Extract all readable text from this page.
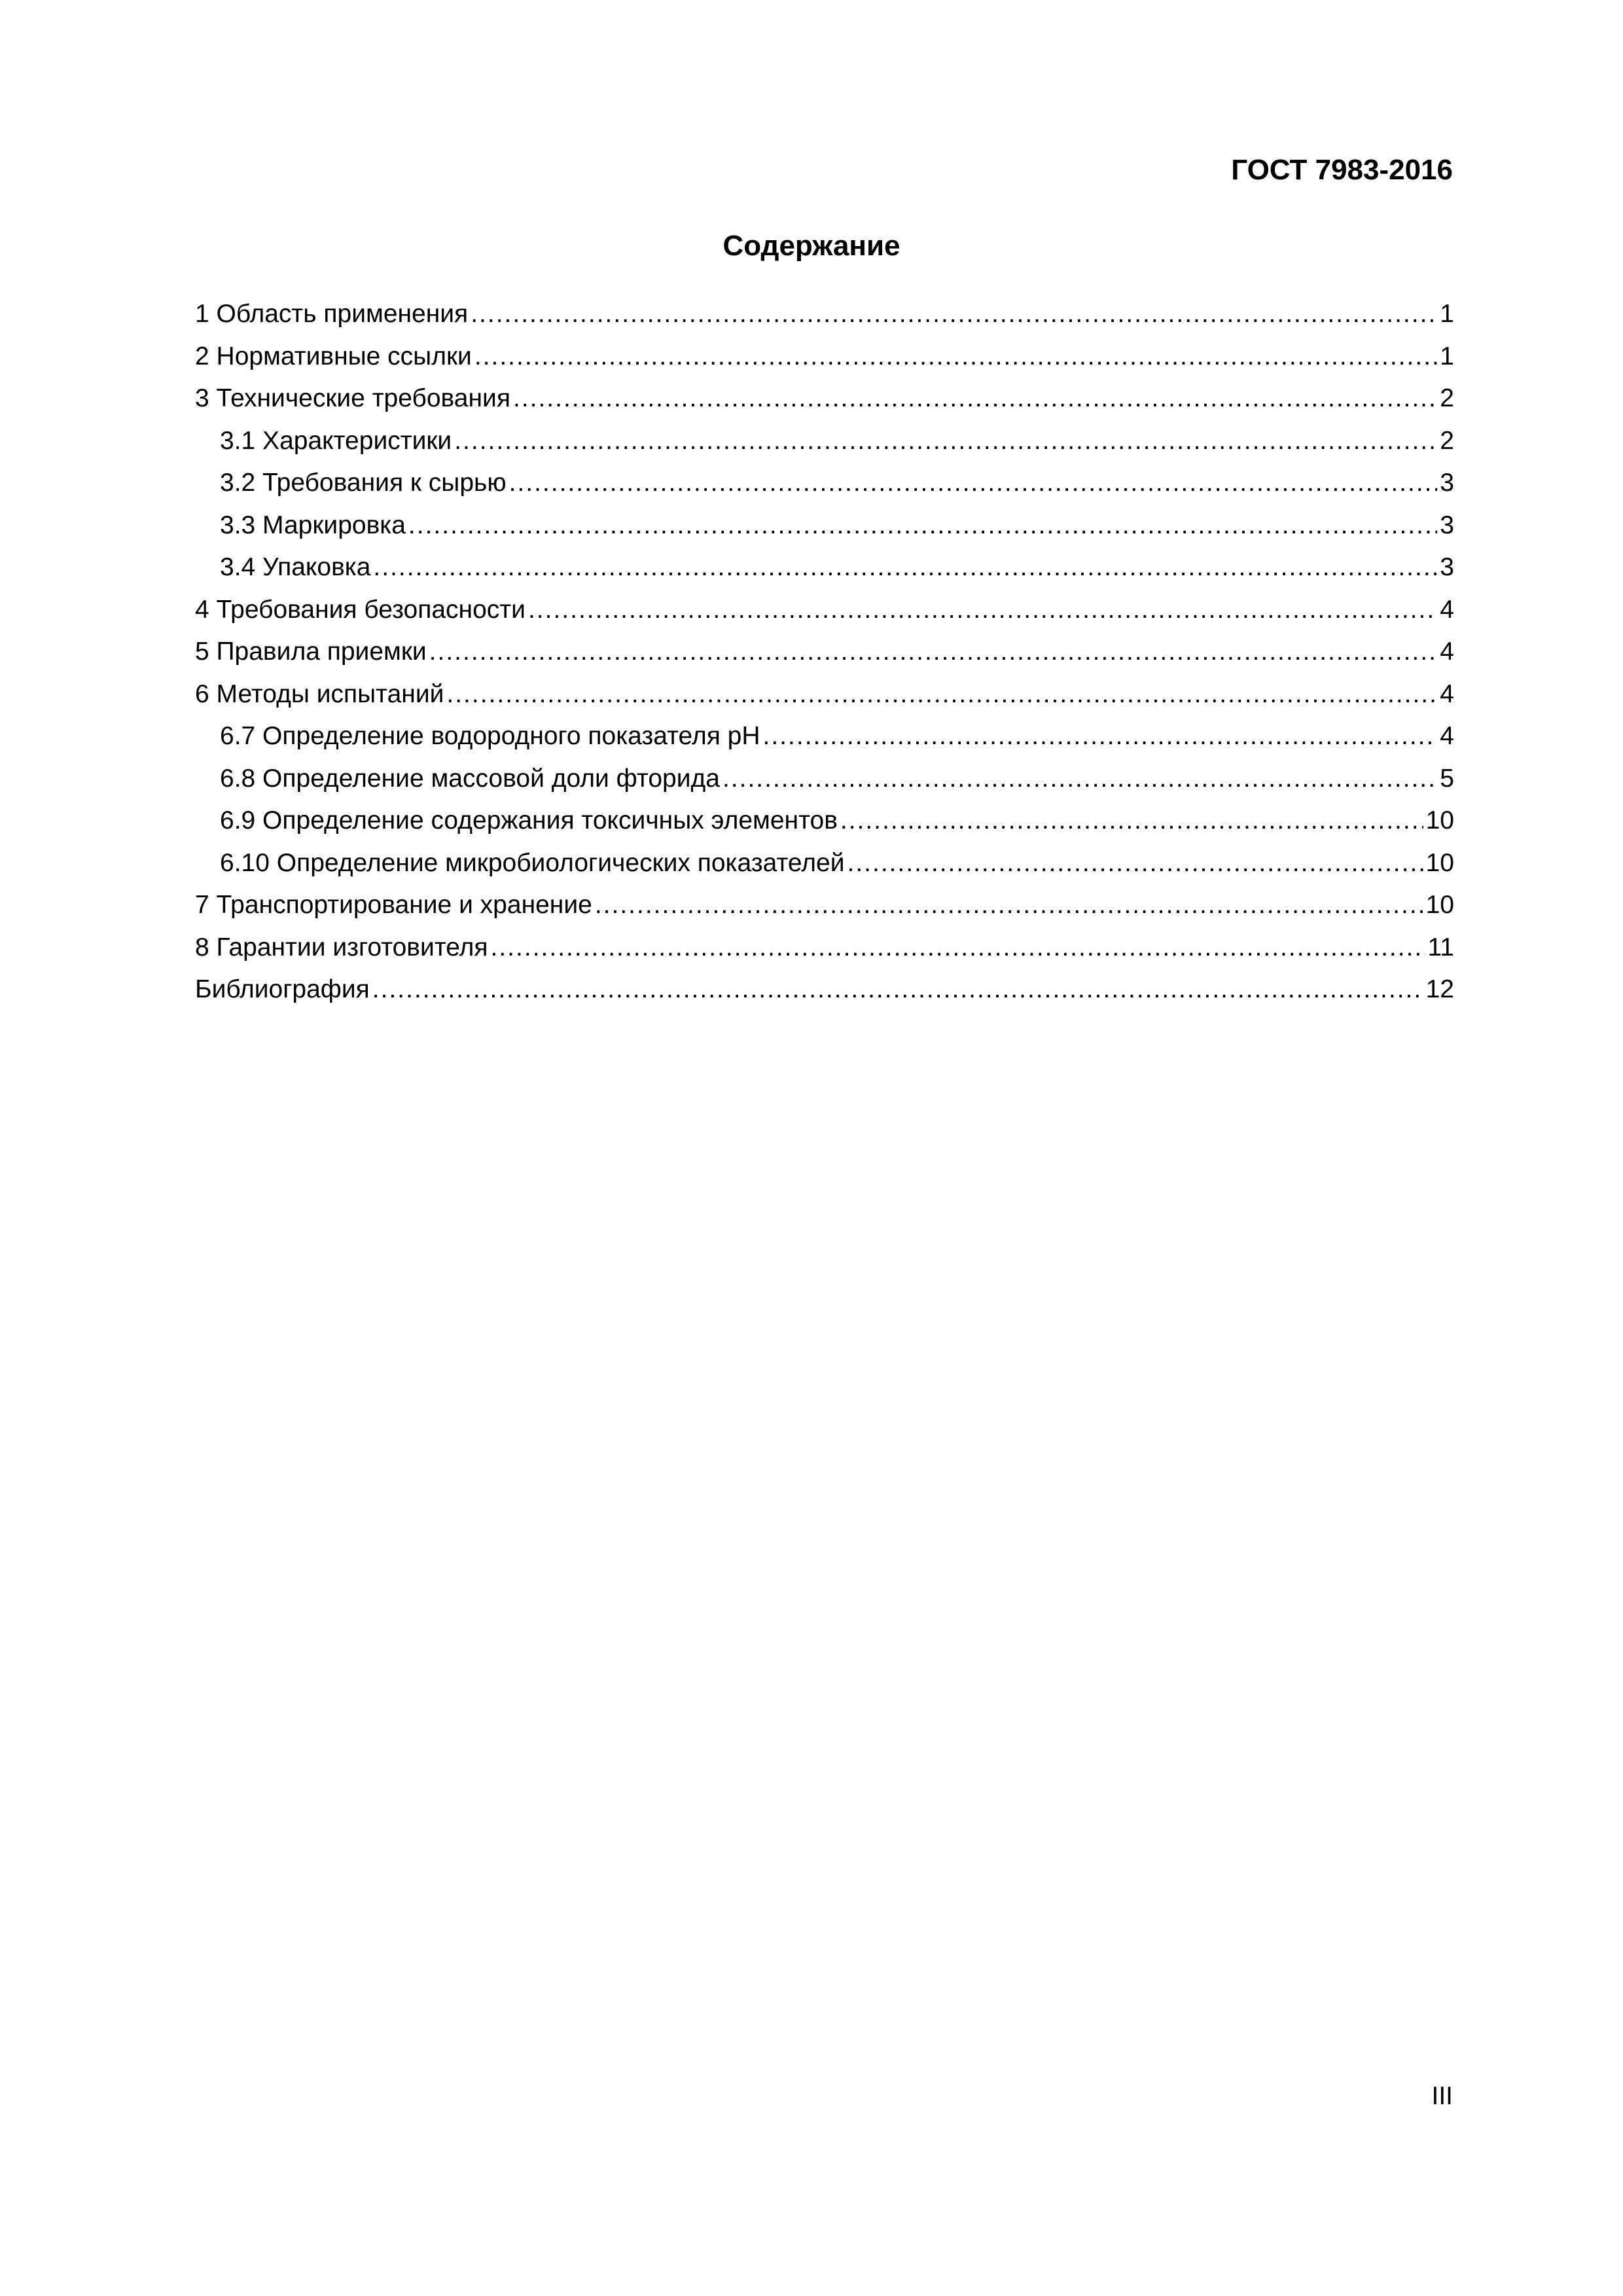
ГОСТ 7983-2016
Содержание
1 Область применения .....	1
2 Нормативные ссылки .....	1
3 Технические требования .....	2
3.1 Характеристики .....	2
3.2 Требования к сырью .....	3
3.3 Маркировка .....	3
3.4 Упаковка .....	3
4 Требования безопасности .....	4
5 Правила приемки .....	4
6 Методы испытаний .....	4
6.7 Определение водородного показателя pH .....	4
6.8 Определение массовой доли фторида .....	5
6.9 Определение содержания токсичных элементов .....	10
6.10 Определение микробиологических показателей .....	10
7 Транспортирование и хранение .....	10
8 Гарантии изготовителя .....	11
Библиография .....	12
III
